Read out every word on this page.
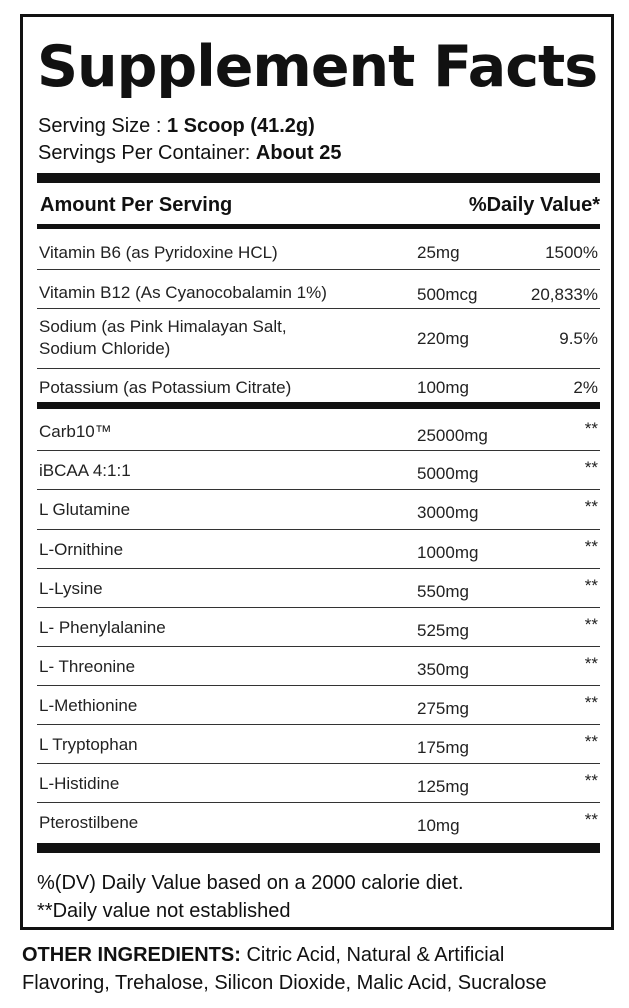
Supplement Facts
Serving Size : 1 Scoop (41.2g)
Servings Per Container: About 25
Amount Per Serving	%Daily Value*
Vitamin B6 (as Pyridoxine HCL)	25mg	1500%
Vitamin B12 (As Cyanocobalamin 1%)	500mcg	20,833%
Sodium (as Pink Himalayan Salt,
Sodium Chloride)
220mg	9.5%
Potassium (as Potassium Citrate)	100mg	2%
Carb10™	25000mg	**
iBCAA 4:1:1	5000mg	**
L Glutamine	3000mg	**
L-Ornithine	1000mg	**
L-Lysine	550mg	**
L- Phenylalanine	525mg	**
L- Threonine	350mg	**
L-Methionine	275mg	**
L Tryptophan	175mg	**
L-Histidine	125mg	**
Pterostilbene	10mg	**
%(DV) Daily Value based on a 2000 calorie diet.
**Daily value not established
OTHER INGREDIENTS: Citric Acid, Natural & Artificial
Flavoring, Trehalose, Silicon Dioxide, Malic Acid, Sucralose
